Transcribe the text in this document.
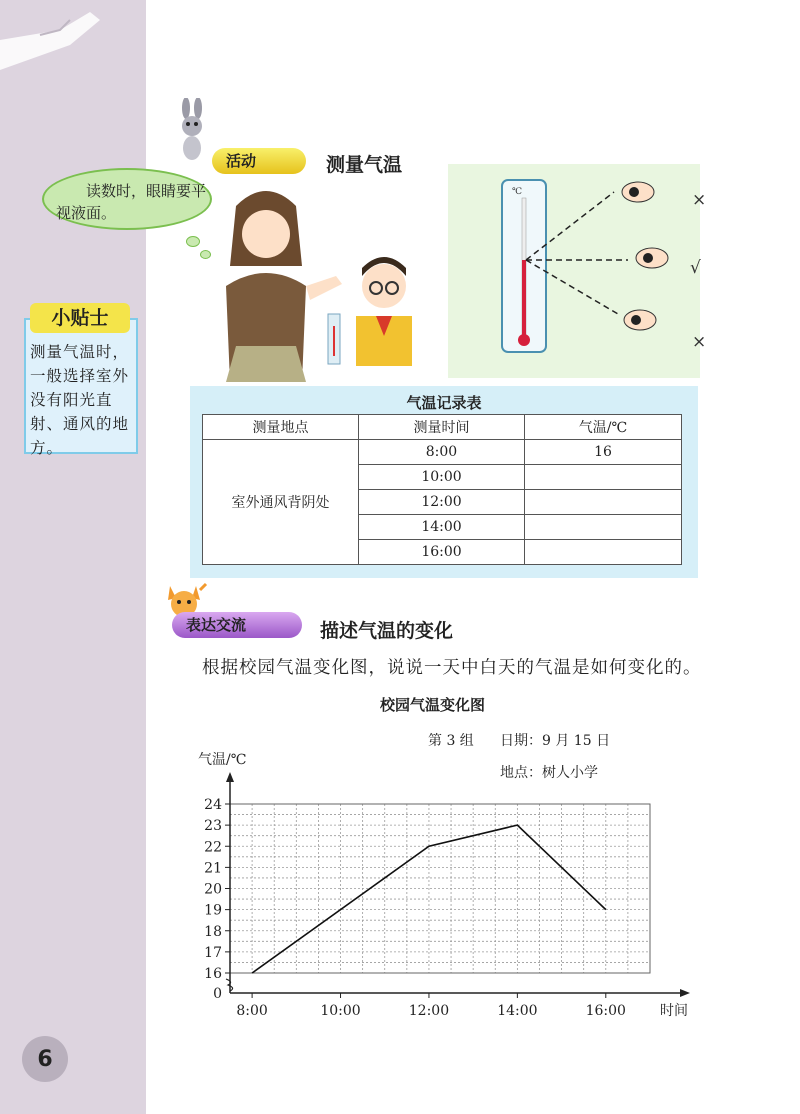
6
小贴士
测量气温时，一般选择室外没有阳光直射、通风的地方。
活动	测量气温
读数时，眼睛要平视液面。
℃	×
√
×
气温记录表
测量地点	测量时间	气温/℃
室外通风背阴处	8:00	16
	10:00	
	12:00	
	14:00	
	16:00	
表达交流	描述气温的变化
根据校园气温变化图，说说一天中白天的气温是如何变化的。
校园气温变化图
第 3 组 日期：9 月 15 日
地点：树人小学
16
17
18
19
20
21
22
23
24
0
8:00	10:00	12:00	14:00	16:00
气温/℃
时间
